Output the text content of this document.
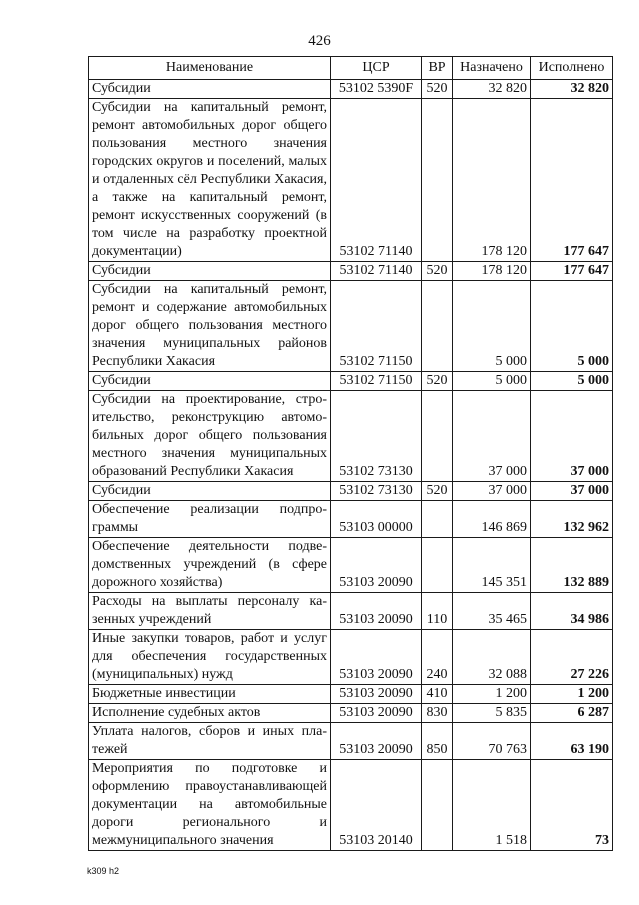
426
Наименование	ЦСР	ВР	Назначено	Исполнено
Субсидии	53102 5390F	520	32 820	32 820
Субсидии на капитальный ремонт, ремонт автомобильных дорог общего пользования местного значения городских округов и поселений, малых и отдаленных сёл Республики Хакасия, а также на капитальный ремонт, ремонт искусственных сооружений (в том числе на разработку проектной документации)	53102 71140		178 120	177 647
Субсидии	53102 71140	520	178 120	177 647
Субсидии на капитальный ремонт, ремонт и содержание автомобильных дорог общего пользования местного значения муниципальных районов Республики Хакасия	53102 71150		5 000	5 000
Субсидии	53102 71150	520	5 000	5 000
Субсидии на проектирование, строительство, реконструкцию автомобильных дорог общего пользования местного значения муниципальных образований Республики Хакасия	53102 73130		37 000	37 000
Субсидии	53102 73130	520	37 000	37 000
Обеспечение реализации подпрограммы	53103 00000		146 869	132 962
Обеспечение деятельности подведомственных учреждений (в сфере дорожного хозяйства)	53103 20090		145 351	132 889
Расходы на выплаты персоналу казенных учреждений	53103 20090	110	35 465	34 986
Иные закупки товаров, работ и услуг для обеспечения государственных (муниципальных) нужд	53103 20090	240	32 088	27 226
Бюджетные инвестиции	53103 20090	410	1 200	1 200
Исполнение судебных актов	53103 20090	830	5 835	6 287
Уплата налогов, сборов и иных платежей	53103 20090	850	70 763	63 190
Мероприятия по подготовке и оформлению правоустанавливающей документации на автомобильные дороги регионального и межмуниципального значения	53103 20140		1 518	73
k309 h2
